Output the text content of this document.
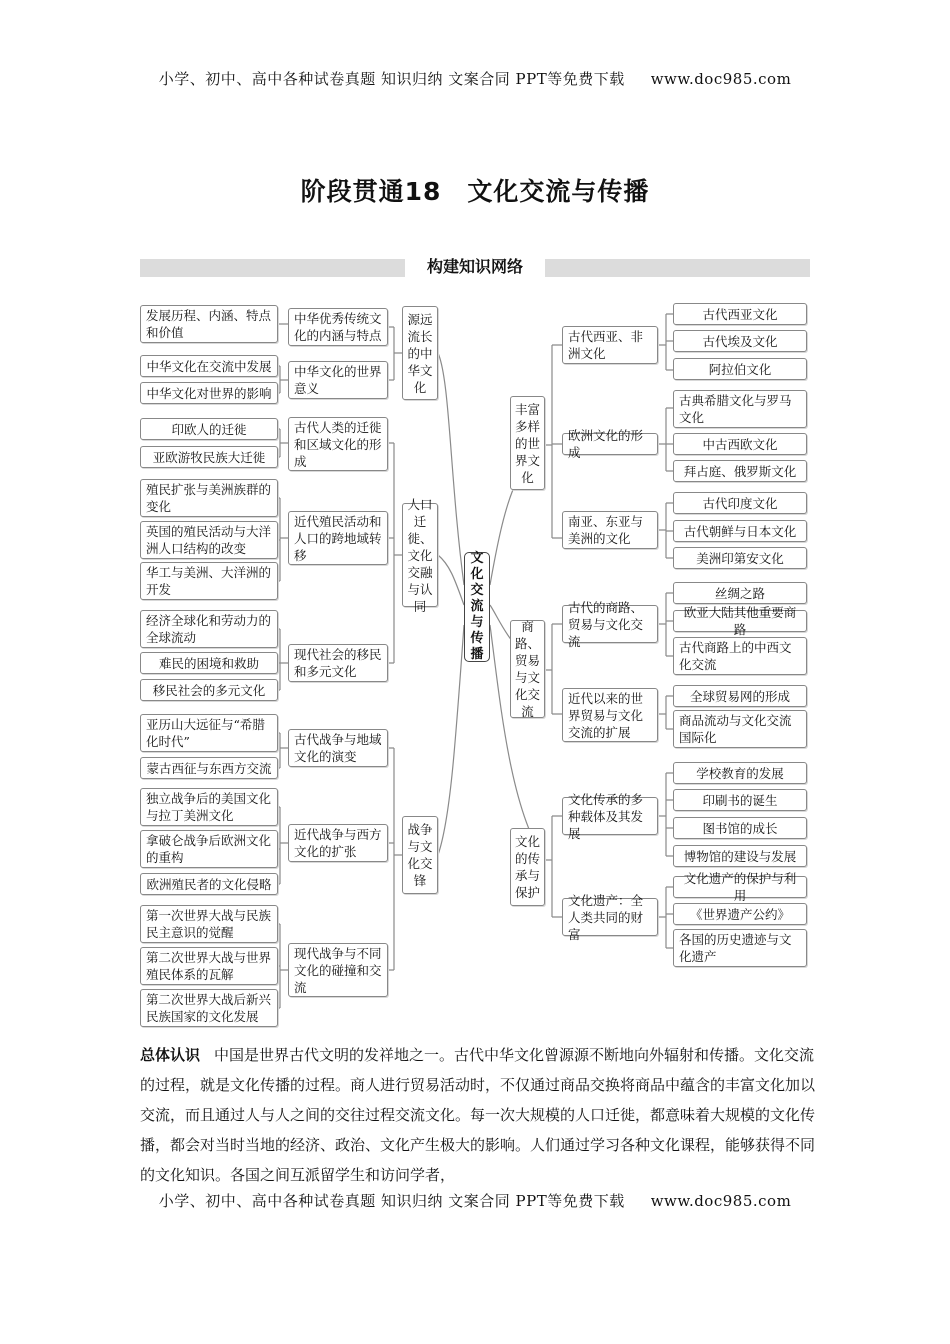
小学、初中、高中各种试卷真题 知识归纳 文案合同 PPT等免费下载 www.doc985.com
阶段贯通18　文化交流与传播
构建知识网络
文化交流与传播
丰富多样的世界文化
古代西亚、非洲文化
古代西亚文化
古代埃及文化
阿拉伯文化
欧洲文化的形成
古典希腊文化与罗马文化
中古西欧文化
拜占庭、俄罗斯文化
南亚、东亚与美洲的文化
古代印度文化
古代朝鲜与日本文化
美洲印第安文化
商路、贸易与文化交流
古代的商路、贸易与文化交流
丝绸之路
欧亚大陆其他重要商路
古代商路上的中西文化交流
近代以来的世界贸易与文化交流的扩展
全球贸易网的形成
商品流动与文化交流国际化
文化的传承与保护
文化传承的多种载体及其发展
学校教育的发展
印刷书的诞生
图书馆的成长
博物馆的建设与发展
文化遗产：全人类共同的财富
文化遗产的保护与利用
《世界遗产公约》
各国的历史遗迹与文化遗产
源远流长的中华文化
中华优秀传统文化的内涵与特点
发展历程、内涵、特点和价值
中华文化的世界意义
中华文化在交流中发展
中华文化对世界的影响
人口迁徙、文化交融与认同
古代人类的迁徙和区域文化的形成
印欧人的迁徙
亚欧游牧民族大迁徙
近代殖民活动和人口的跨地域转移
殖民扩张与美洲族群的变化
英国的殖民活动与大洋洲人口结构的改变
华工与美洲、大洋洲的开发
现代社会的移民和多元文化
经济全球化和劳动力的全球流动
难民的困境和救助
移民社会的多元文化
战争与文化交锋
古代战争与地域文化的演变
亚历山大远征与“希腊化时代”
蒙古西征与东西方交流
近代战争与西方文化的扩张
独立战争后的美国文化与拉丁美洲文化
拿破仑战争后欧洲文化的重构
欧洲殖民者的文化侵略
现代战争与不同文化的碰撞和交流
第一次世界大战与民族民主意识的觉醒
第二次世界大战与世界殖民体系的瓦解
第二次世界大战后新兴民族国家的文化发展
总体认识 中国是世界古代文明的发祥地之一。古代中华文化曾源源不断地向外辐射和传播。文化交流的过程，就是文化传播的过程。商人进行贸易活动时，不仅通过商品交换将商品中蕴含的丰富文化加以交流，而且通过人与人之间的交往过程交流文化。每一次大规模的人口迁徙，都意味着大规模的文化传播，都会对当时当地的经济、政治、文化产生极大的影响。人们通过学习各种文化课程，能够获得不同的文化知识。各国之间互派留学生和访问学者，
小学、初中、高中各种试卷真题 知识归纳 文案合同 PPT等免费下载 www.doc985.com
